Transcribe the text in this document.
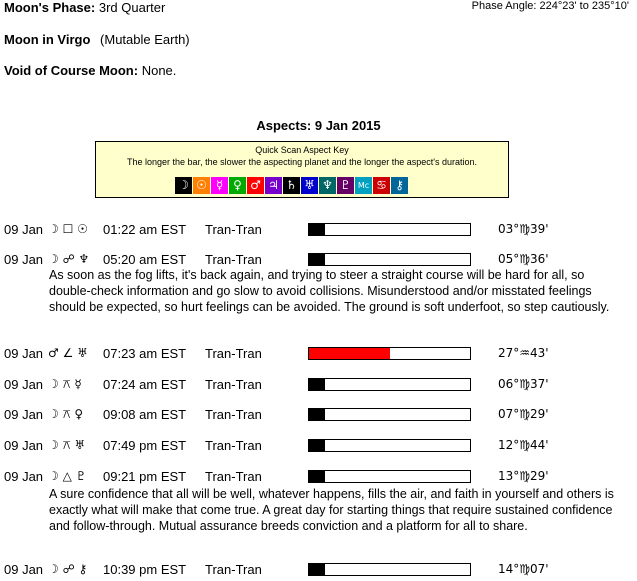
Moon's Phase: 3rd Quarter	Phase Angle: 224°23' to 235°10'
Moon in Virgo (Mutable Earth)
Void of Course Moon: None.
Aspects: 9 Jan 2015
Quick Scan Aspect Key
The longer the bar, the slower the aspecting planet and the longer the aspect's duration.
☽ ☉ ☿ ♀ ♂ ♃ ♄ ♅ ♆ ♇ Mc ♋ ⚷
09 Jan ☽ ☐ ☉ 01:22 am EST Tran-Tran	03°♍39'
09 Jan ☽ ☍ ♆ 05:20 am EST Tran-Tran	05°♍36'
As soon as the fog lifts, it's back again, and trying to steer a straight course will be hard for all, so double-check information and go slow to avoid collisions. Misunderstood and/or misstated feelings should be expected, so hurt feelings can be avoided. The ground is soft underfoot, so step cautiously.
09 Jan ♂ ∠ ♅ 07:23 am EST Tran-Tran	27°♒43'
09 Jan ☽ ⚻ ☿ 07:24 am EST Tran-Tran	06°♍37'
09 Jan ☽ ⚻ ♀ 09:08 am EST Tran-Tran	07°♍29'
09 Jan ☽ ⚻ ♅ 07:49 pm EST Tran-Tran	12°♍44'
09 Jan ☽ △ ♇ 09:21 pm EST Tran-Tran	13°♍29'
A sure confidence that all will be well, whatever happens, fills the air, and faith in yourself and others is exactly what will make that come true. A great day for starting things that require sustained confidence and follow-through. Mutual assurance breeds conviction and a platform for all to share.
09 Jan ☽ ☍ ⚷ 10:39 pm EST Tran-Tran	14°♍07'
